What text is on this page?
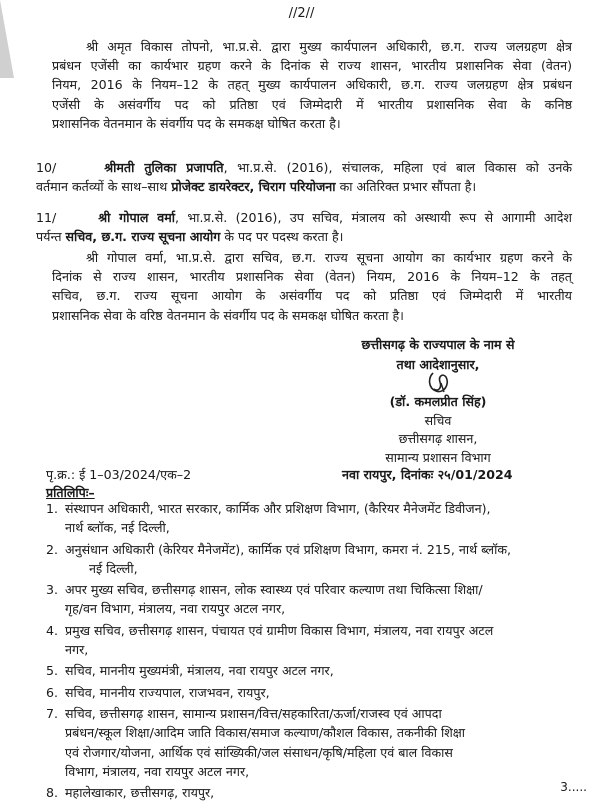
//2//
श्री अमृत विकास तोपनो, भा.प्र.से. द्वारा मुख्य कार्यपालन अधिकारी, छ.ग. राज्य जलग्रहण क्षेत्र
प्रबंधन एजेंसी का कार्यभार ग्रहण करने के दिनांक से राज्य शासन, भारतीय प्रशासनिक सेवा (वेतन)
नियम, 2016 के नियम–12 के तहत् मुख्य कार्यपालन अधिकारी, छ.ग. राज्य जलग्रहण क्षेत्र प्रबंधन
एजेंसी के असंवर्गीय पद को प्रतिष्ठा एवं जिम्मेदारी में भारतीय प्रशासनिक सेवा के कनिष्ठ
प्रशासनिक वेतनमान के संवर्गीय पद के समकक्ष घोषित करता है।
10/	श्रीमती तुलिका प्रजापति, भा.प्र.से. (2016), संचालक, महिला एवं बाल विकास को उनके
वर्तमान कर्तव्यों के साथ–साथ प्रोजेक्ट डायरेक्टर, चिराग परियोजना का अतिरिक्त प्रभार सौंपता है।
11/	श्री गोपाल वर्मा, भा.प्र.से. (2016), उप सचिव, मंत्रालय को अस्थायी रूप से आगामी आदेश
पर्यन्त सचिव, छ.ग. राज्य सूचना आयोग के पद पर पदस्थ करता है।
श्री गोपाल वर्मा, भा.प्र.से. द्वारा सचिव, छ.ग. राज्य सूचना आयोग का कार्यभार ग्रहण करने के
दिनांक से राज्य शासन, भारतीय प्रशासनिक सेवा (वेतन) नियम, 2016 के नियम–12 के तहत्
सचिव, छ.ग. राज्य सूचना आयोग के असंवर्गीय पद को प्रतिष्ठा एवं जिम्मेदारी में भारतीय
प्रशासनिक सेवा के वरिष्ठ वेतनमान के संवर्गीय पद के समकक्ष घोषित करता है।
छत्तीसगढ़ के राज्यपाल के नाम से
तथा आदेशानुसार,
(डॉ. कमलप्रीत सिंह)
सचिव
छत्तीसगढ़ शासन,
सामान्य प्रशासन विभाग
नवा रायपुर, दिनांकः २५/01/2024
पृ.क्र.: ई 1–03/2024/एक–2
प्रतिलिपिः–
1. संस्थापन अधिकारी, भारत सरकार, कार्मिक और प्रशिक्षण विभाग, (कैरियर मैनेजमेंट डिवीजन),
नार्थ ब्लॉक, नई दिल्ली,
2. अनुसंधान अधिकारी (केरियर मैनेजमेंट), कार्मिक एवं प्रशिक्षण विभाग, कमरा नं. 215, नार्थ ब्लॉक,
नई दिल्ली,
3. अपर मुख्य सचिव, छत्तीसगढ़ शासन, लोक स्वास्थ्य एवं परिवार कल्याण तथा चिकित्सा शिक्षा/
गृह/वन विभाग, मंत्रालय, नवा रायपुर अटल नगर,
4. प्रमुख सचिव, छत्तीसगढ़ शासन, पंचायत एवं ग्रामीण विकास विभाग, मंत्रालय, नवा रायपुर अटल
नगर,
5. सचिव, माननीय मुख्यमंत्री, मंत्रालय, नवा रायपुर अटल नगर,
6. सचिव, माननीय राज्यपाल, राजभवन, रायपुर,
7. सचिव, छत्तीसगढ़ शासन, सामान्य प्रशासन/वित्त/सहकारिता/ऊर्जा/राजस्व एवं आपदा
प्रबंधन/स्कूल शिक्षा/आदिम जाति विकास/समाज कल्याण/कौशल विकास, तकनीकी शिक्षा
एवं रोजगार/योजना, आर्थिक एवं सांख्यिकी/जल संसाधन/कृषि/महिला एवं बाल विकास
विभाग, मंत्रालय, नवा रायपुर अटल नगर,
8. महालेखाकार, छत्तीसगढ़, रायपुर,	3.....
